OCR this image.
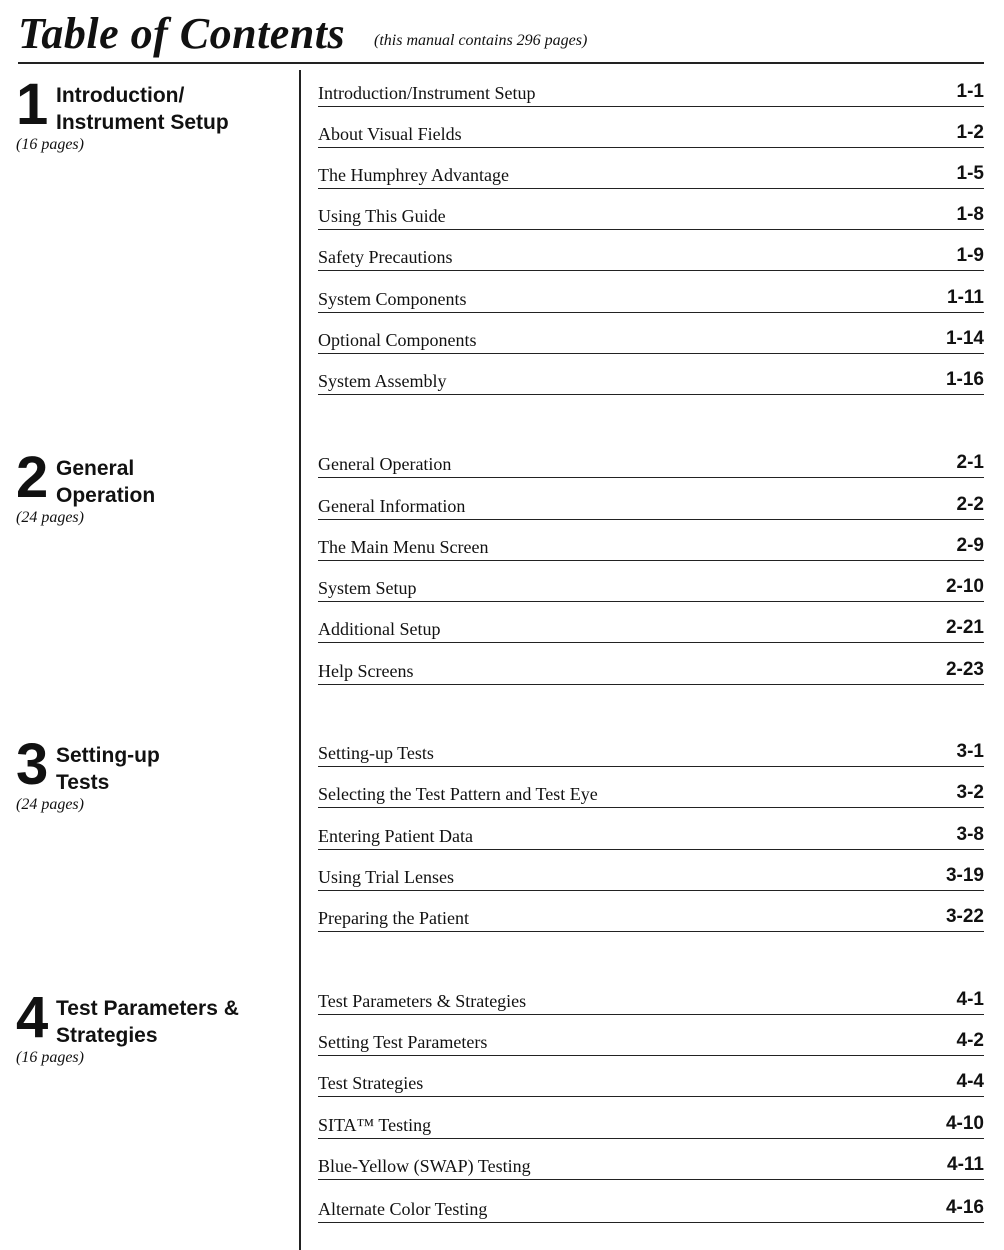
Table of Contents (this manual contains 296 pages)
1 Introduction/
Instrument Setup
(16 pages)
Introduction/Instrument Setup	1-1
About Visual Fields	1-2
The Humphrey Advantage	1-5
Using This Guide	1-8
Safety Precautions	1-9
System Components	1-11
Optional Components	1-14
System Assembly	1-16
2 General
Operation
(24 pages)
General Operation	2-1
General Information	2-2
The Main Menu Screen	2-9
System Setup	2-10
Additional Setup	2-21
Help Screens	2-23
3 Setting-up
Tests
(24 pages)
Setting-up Tests	3-1
Selecting the Test Pattern and Test Eye	3-2
Entering Patient Data	3-8
Using Trial Lenses	3-19
Preparing the Patient	3-22
4 Test Parameters &
Strategies
(16 pages)
Test Parameters & Strategies	4-1
Setting Test Parameters	4-2
Test Strategies	4-4
SITA™ Testing	4-10
Blue-Yellow (SWAP) Testing	4-11
Alternate Color Testing	4-16
